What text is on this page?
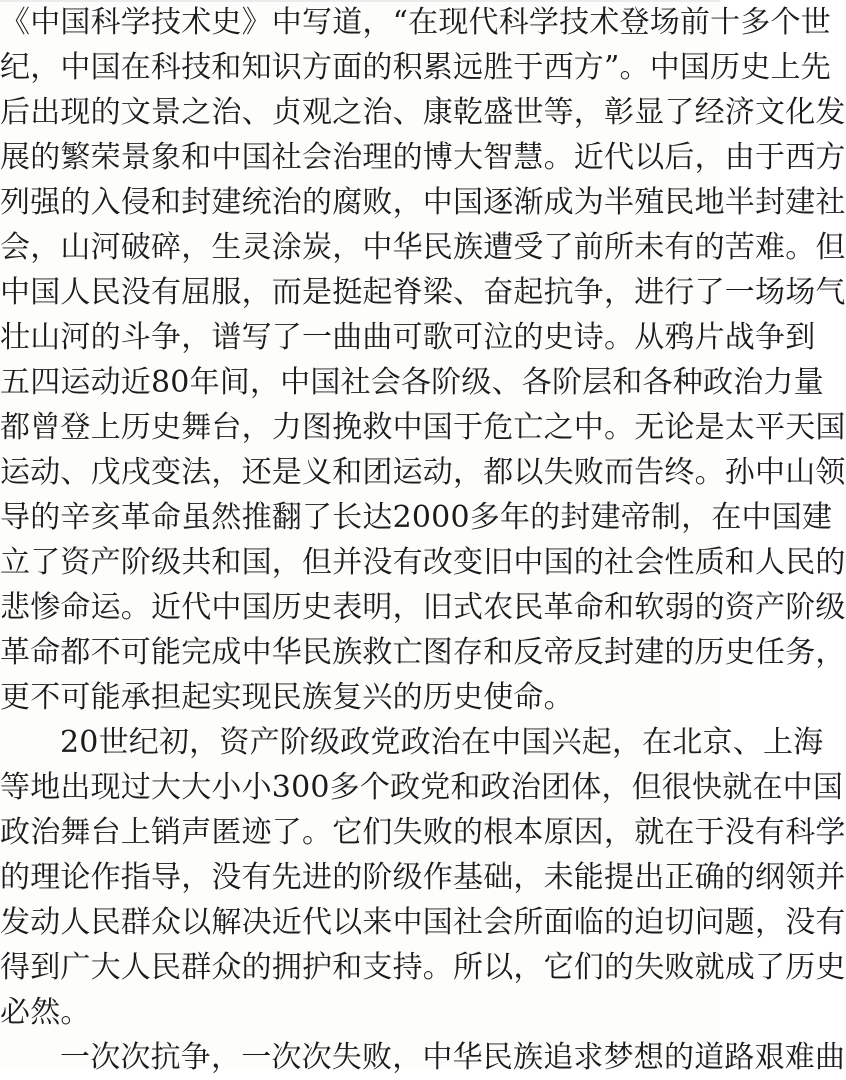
《中国科学技术史》中写道，“在现代科学技术登场前十多个世
纪，中国在科技和知识方面的积累远胜于西方”。中国历史上先
后出现的文景之治、贞观之治、康乾盛世等，彰显了经济文化发
展的繁荣景象和中国社会治理的博大智慧。近代以后，由于西方
列强的入侵和封建统治的腐败，中国逐渐成为半殖民地半封建社
会，山河破碎，生灵涂炭，中华民族遭受了前所未有的苦难。但
中国人民没有屈服，而是挺起脊梁、奋起抗争，进行了一场场气
壮山河的斗争，谱写了一曲曲可歌可泣的史诗。从鸦片战争到
五四运动近80年间，中国社会各阶级、各阶层和各种政治力量
都曾登上历史舞台，力图挽救中国于危亡之中。无论是太平天国
运动、戊戌变法，还是义和团运动，都以失败而告终。孙中山领
导的辛亥革命虽然推翻了长达2000多年的封建帝制，在中国建
立了资产阶级共和国，但并没有改变旧中国的社会性质和人民的
悲惨命运。近代中国历史表明，旧式农民革命和软弱的资产阶级
革命都不可能完成中华民族救亡图存和反帝反封建的历史任务，
更不可能承担起实现民族复兴的历史使命。
20世纪初，资产阶级政党政治在中国兴起，在北京、上海
等地出现过大大小小300多个政党和政治团体，但很快就在中国
政治舞台上销声匿迹了。它们失败的根本原因，就在于没有科学
的理论作指导，没有先进的阶级作基础，未能提出正确的纲领并
发动人民群众以解决近代以来中国社会所面临的迫切问题，没有
得到广大人民群众的拥护和支持。所以，它们的失败就成了历史
必然。
一次次抗争，一次次失败，中华民族追求梦想的道路艰难曲
